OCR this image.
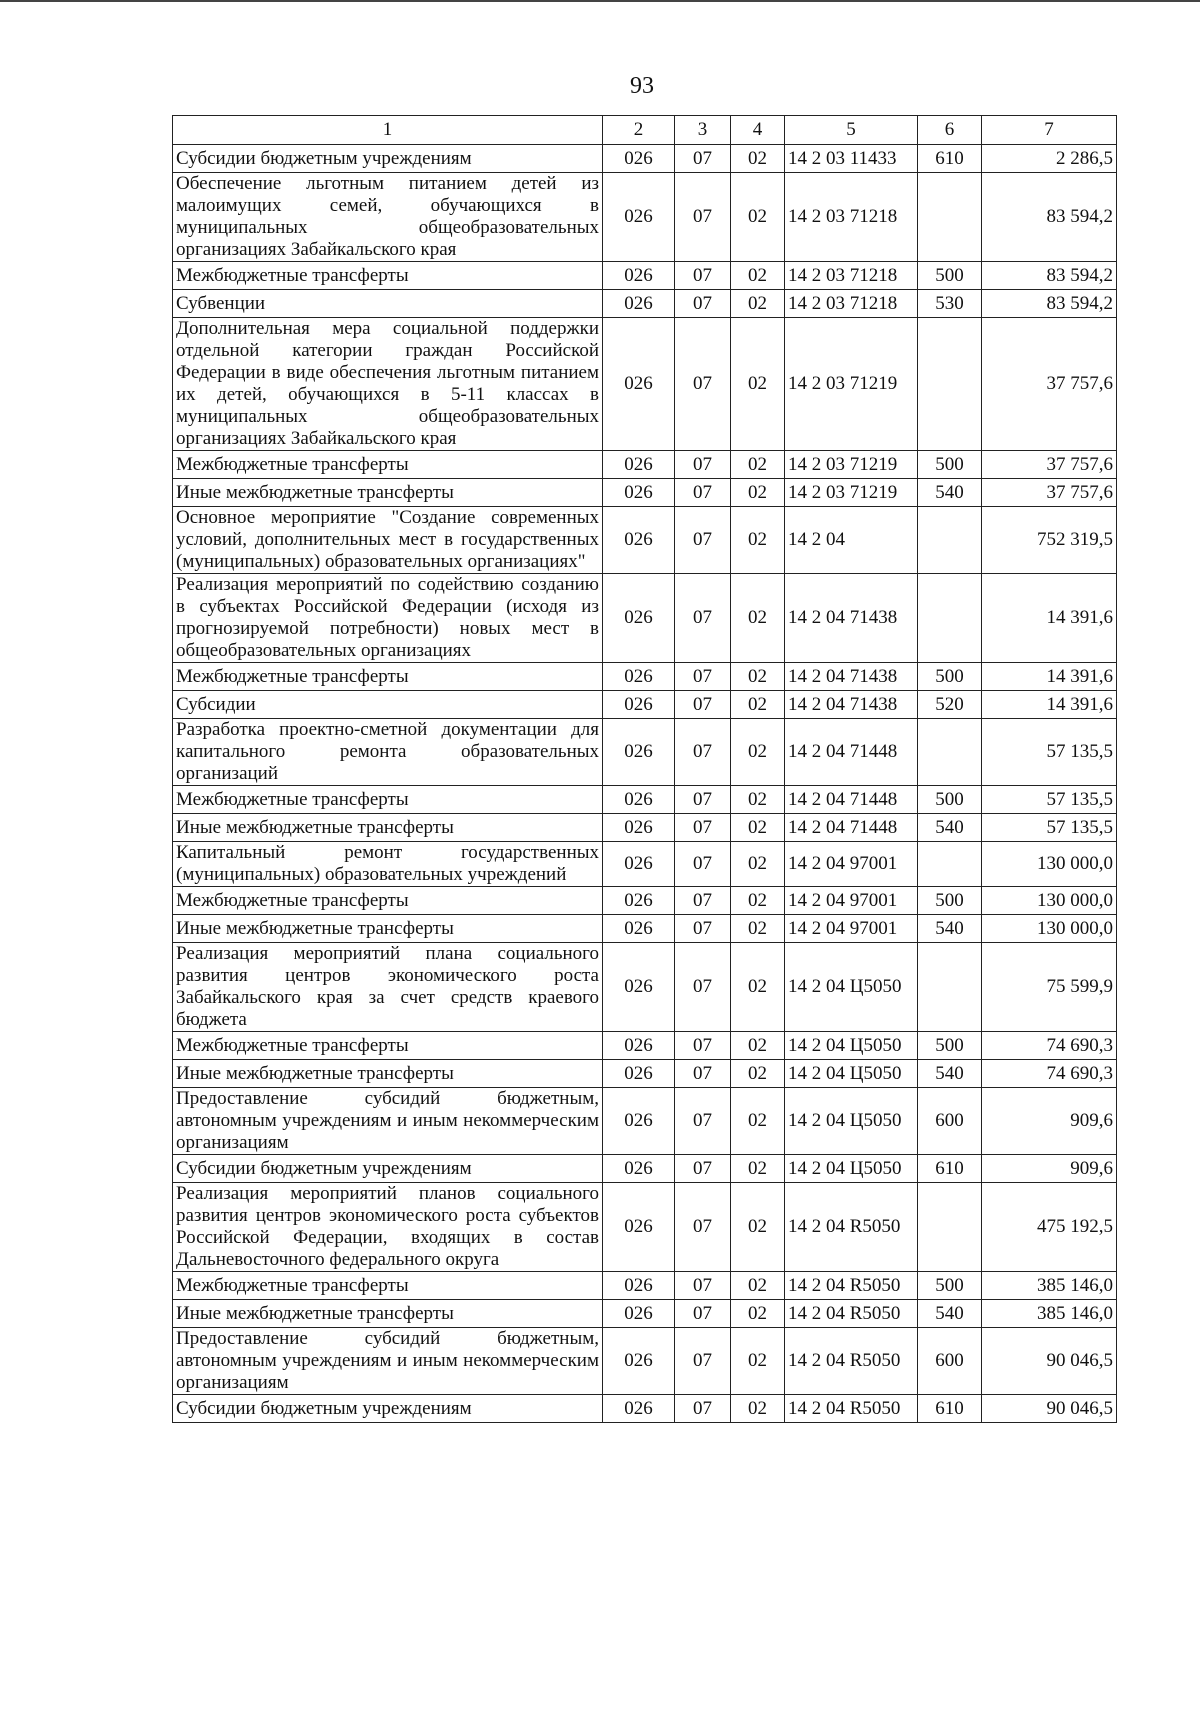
93
1	2	3	4	5	6	7
Субсидии бюджетным учреждениям	026	07	02	14 2 03 11433	610	2 286,5
Обеспечение льготным питанием детей из малоимущих семей, обучающихся в муниципальных общеобразовательных организациях Забайкальского края	026	07	02	14 2 03 71218		83 594,2
Межбюджетные трансферты	026	07	02	14 2 03 71218	500	83 594,2
Субвенции	026	07	02	14 2 03 71218	530	83 594,2
Дополнительная мера социальной поддержки отдельной категории граждан Российской Федерации в виде обеспечения льготным питанием их детей, обучающихся в 5-11 классах в муниципальных общеобразовательных организациях Забайкальского края	026	07	02	14 2 03 71219		37 757,6
Межбюджетные трансферты	026	07	02	14 2 03 71219	500	37 757,6
Иные межбюджетные трансферты	026	07	02	14 2 03 71219	540	37 757,6
Основное мероприятие "Создание современных условий, дополнительных мест в государственных (муниципальных) образовательных организациях"	026	07	02	14 2 04		752 319,5
Реализация мероприятий по содействию созданию в субъектах Российской Федерации (исходя из прогнозируемой потребности) новых мест в общеобразовательных организациях	026	07	02	14 2 04 71438		14 391,6
Межбюджетные трансферты	026	07	02	14 2 04 71438	500	14 391,6
Субсидии	026	07	02	14 2 04 71438	520	14 391,6
Разработка проектно-сметной документации для капитального ремонта образовательных организаций	026	07	02	14 2 04 71448		57 135,5
Межбюджетные трансферты	026	07	02	14 2 04 71448	500	57 135,5
Иные межбюджетные трансферты	026	07	02	14 2 04 71448	540	57 135,5
Капитальный ремонт государственных (муниципальных) образовательных учреждений	026	07	02	14 2 04 97001		130 000,0
Межбюджетные трансферты	026	07	02	14 2 04 97001	500	130 000,0
Иные межбюджетные трансферты	026	07	02	14 2 04 97001	540	130 000,0
Реализация мероприятий плана социального развития центров экономического роста Забайкальского края за счет средств краевого бюджета	026	07	02	14 2 04 Ц5050		75 599,9
Межбюджетные трансферты	026	07	02	14 2 04 Ц5050	500	74 690,3
Иные межбюджетные трансферты	026	07	02	14 2 04 Ц5050	540	74 690,3
Предоставление субсидий бюджетным, автономным учреждениям и иным некоммерческим организациям	026	07	02	14 2 04 Ц5050	600	909,6
Субсидии бюджетным учреждениям	026	07	02	14 2 04 Ц5050	610	909,6
Реализация мероприятий планов социального развития центров экономического роста субъектов Российской Федерации, входящих в состав Дальневосточного федерального округа	026	07	02	14 2 04 R5050		475 192,5
Межбюджетные трансферты	026	07	02	14 2 04 R5050	500	385 146,0
Иные межбюджетные трансферты	026	07	02	14 2 04 R5050	540	385 146,0
Предоставление субсидий бюджетным, автономным учреждениям и иным некоммерческим организациям	026	07	02	14 2 04 R5050	600	90 046,5
Субсидии бюджетным учреждениям	026	07	02	14 2 04 R5050	610	90 046,5
